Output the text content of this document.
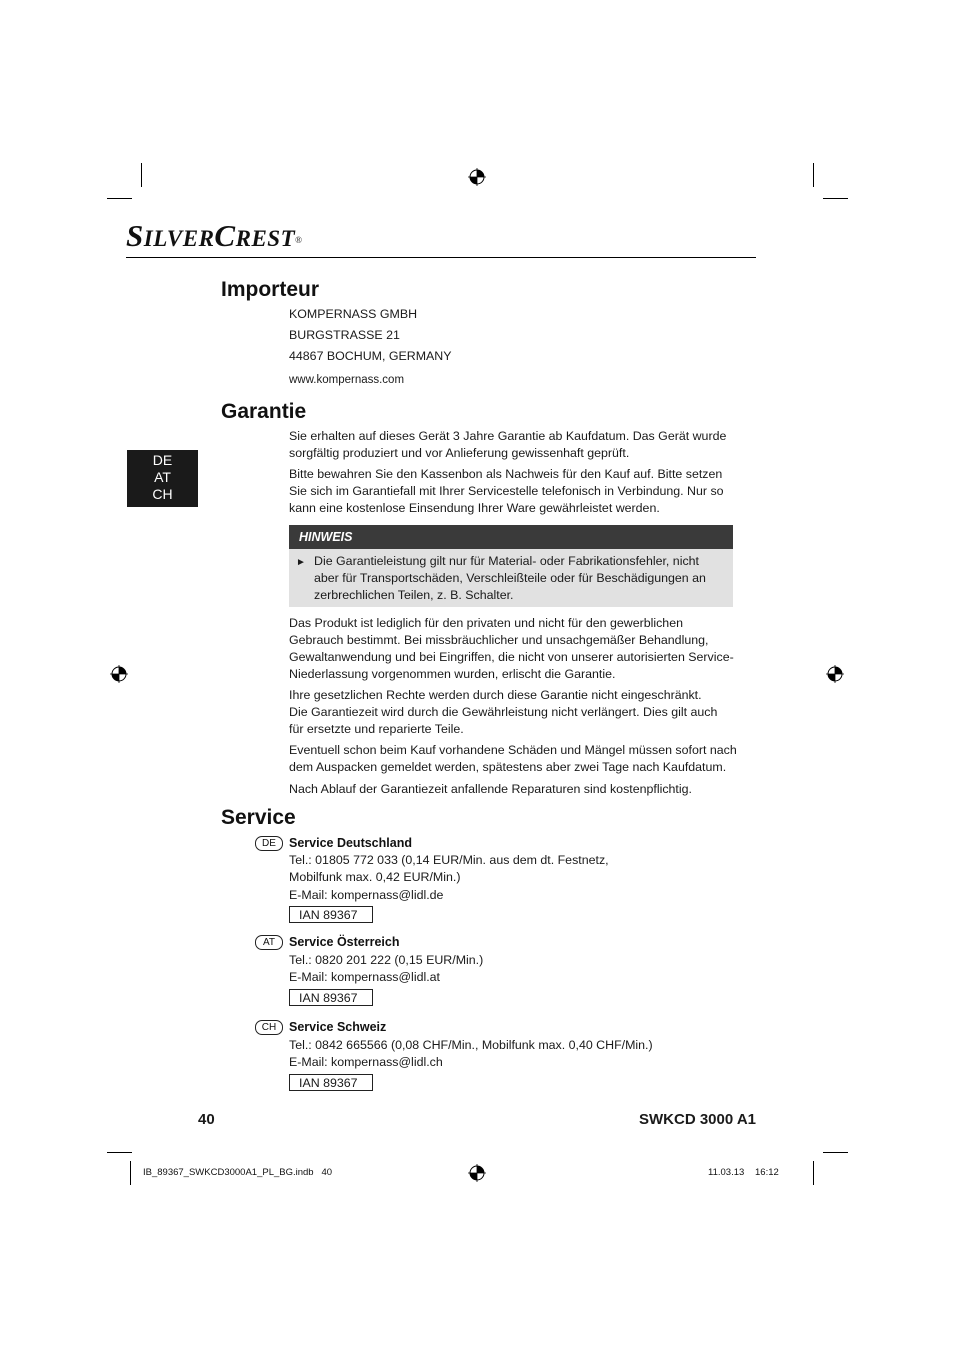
SILVERCREST®
Importeur
KOMPERNASS GMBH
BURGSTRASSE 21
44867 BOCHUM, GERMANY
www.kompernass.com
DE
AT
CH
Garantie
Sie erhalten auf dieses Gerät 3 Jahre Garantie ab Kaufdatum. Das Gerät wurde sorgfältig produziert und vor Anlieferung gewissenhaft geprüft.
Bitte bewahren Sie den Kassenbon als Nachweis für den Kauf auf. Bitte setzen Sie sich im Garantiefall mit Ihrer Servicestelle telefonisch in Verbindung. Nur so kann eine kostenlose Einsendung Ihrer Ware gewährleistet werden.
HINWEIS
► Die Garantieleistung gilt nur für Material- oder Fabrikationsfehler, nicht aber für Transportschäden, Verschleißteile oder für Beschädigungen an zerbrechlichen Teilen, z. B. Schalter.
Das Produkt ist lediglich für den privaten und nicht für den gewerblichen Gebrauch bestimmt. Bei missbräuchlicher und unsachgemäßer Behandlung, Gewaltanwendung und bei Eingriffen, die nicht von unserer autorisierten Service-Niederlassung vorgenommen wurden, erlischt die Garantie.
Ihre gesetzlichen Rechte werden durch diese Garantie nicht eingeschränkt.
Die Garantiezeit wird durch die Gewährleistung nicht verlängert. Dies gilt auch für ersetzte und reparierte Teile.
Eventuell schon beim Kauf vorhandene Schäden und Mängel müssen sofort nach dem Auspacken gemeldet werden, spätestens aber zwei Tage nach Kaufdatum.
Nach Ablauf der Garantiezeit anfallende Reparaturen sind kostenpflichtig.
Service
DE	Service Deutschland
Tel.: 01805 772 033 (0,14 EUR/Min. aus dem dt. Festnetz,
Mobilfunk max. 0,42 EUR/Min.)
E-Mail: kompernass@lidl.de
IAN 89367
AT	Service Österreich
Tel.: 0820 201 222 (0,15 EUR/Min.)
E-Mail: kompernass@lidl.at
IAN 89367
CH	Service Schweiz
Tel.: 0842 665566 (0,08 CHF/Min., Mobilfunk max. 0,40 CHF/Min.)
E-Mail: kompernass@lidl.ch
IAN 89367
40	SWKCD 3000 A1
IB_89367_SWKCD3000A1_PL_BG.indb   40	11.03.13 16:12
